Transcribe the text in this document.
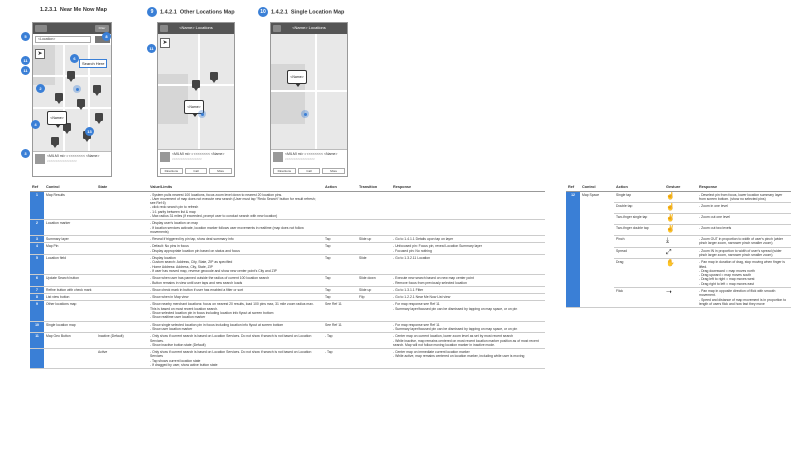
1.2.3.1 Near Me Now Map	9 1.4.2.1 Other Locations Map	10 1.4.2.1 Single Location Map
Filter
<Location>
➤
Search Here
<Name>
<MILMI mi> • <<<<<<<< <Name>
<<<<<<<<<<<<<<<<<
5	8
11
11
6
2
4
13
3
<Name> Locations
➤
<Name>
<MILMI mi> • <<<<<<<< <Name>
<<<<<<<<<<<<<<<<<
Directions	Call	More
11
<Name> Locations
<Name>
<MILMI mi> • <<<<<<<< <Name>
<<<<<<<<<<<<<<<<<
Directions	Call	More
Ref	Control	State	Value/Limits	Action	Transition	Response
1	Map Results		- System pulls nearest 100 locations, focus zoom level down to nearest 20 location pins.
- User movement of map does not execute new search (User must tap "Redo Search" button for result refresh; see Ref 6)
- click redo search pin to refresh
- 1:1 parity between list & map
- Max radius 31 miles (if exceeded, prompt user to conduct search with new location)			
2	Location marker		- Display user's location on map
- If location services activate, location marker follows user movements in realtime (map does not follow movements)			
3	Summary layer		- Reveal if triggered by pin tap, show deal summary info	Tap	Slide up	- Go to 1.4.1.1 Details upon tap on layer
4	Map Pin		- Default: No pins in focus
- Display appropriate location pin based on status and focus	Tap		- Unfocused pin: Focus pin, reveal Location Summary layer
- Focused pin: No nothing
5	Location field		- Display location
- Custom search: Address, City, State, ZIP as specified
- Home Address: Address, City, State, ZIP
- If user has moved map, reverse geocode and show new center point's City and ZIP	Tap	Slide	- Go to 1.3.2.11 Location
6	Update Search button		- Show when user has panned outside the radius of current 100 location search
- Button remains in view until user taps and new search loads	Tap	Slide down	- Execute new search based on new map center point
- Remove focus from previously selected location
7	Refine button with check mark		- Show check mark in button if user has enabled a filter or sort	Tap	Slide up	- Go to 1.3.1.1 Filter
8	List view button		- Show when in Map view	Tap	Flip	- Go to 1.2.2.1 Near Me Now List view
9	Other locations map		- Show nearby merchant locations: focus on nearest 20 results, load 100 pins max, 31 mile zoom radius max. This is based on most recent location search.
- Show selected location pin in focus including location info flyout at screen bottom
- Show realtime user location marker	See Ref 11		- For map response see Ref 11
- Summary layer/focused pin can be dismissed by tapping on map space, or on pin
10	Single location map		- Show single selected location pin in focus including location info flyout at screen bottom
- Show user location marker	See Ref 11		- For map response see Ref 11
- Summary layer/focused pin can be dismissed by tapping on map space, or on pin
11	Map Geo Button	Inactive (Default)	- Only show if current search is based on Location Services. Do not show if search is not based on Location Services.
- Show inactive button state (Default)	- Tap		- Center map on current location, lower zoom level as set by most recent search
- While inactive, map remains centered on most recent location marker position as of most recent search. Map will not follow moving location marker in inactive mode.
		Active	- Only show if current search is based on Location Services. Do not show if search is not based on Location Services
- Tap shows current location state
- If dragged by user, show active button state	- Tap		- Center map on immediate current location marker
- While active, map remains centered on location marker, including while user is moving
Ref	Control	Action	Gesture	Response
12	Map Space	Single tap	☝	- Deselect pin from focus, lower location summary layer from screen bottom. (show no selected pins)
		Double tap	☝	- Zoom in one level
		Two-finger single tap	✌	- Zoom out one level
		Two-finger double tap	✌	- Zoom out two levels
		Pinch	⤓	- Zoom OUT in proportion to width of user's pinch (wider pinch larger zoom, narrower pinch smaller zoom)
		Spread	⤢	- Zoom IN in proportion to width of user's spread (wider pinch larger zoom, narrower pinch smaller zoom)
		Drag	✋	- Pan map in duration of drag, stop moving when finger is lifted.
- Drag downward = map moves north
- Drag upward = map moves south
- Drag left to right = map moves west
- Drag right to left = map moves east
		Flick	➝	- Pan map in opposite direction of flick with smooth movement.
- Speed and distance of map movement is in proportion to length of users flick and how fast they move
